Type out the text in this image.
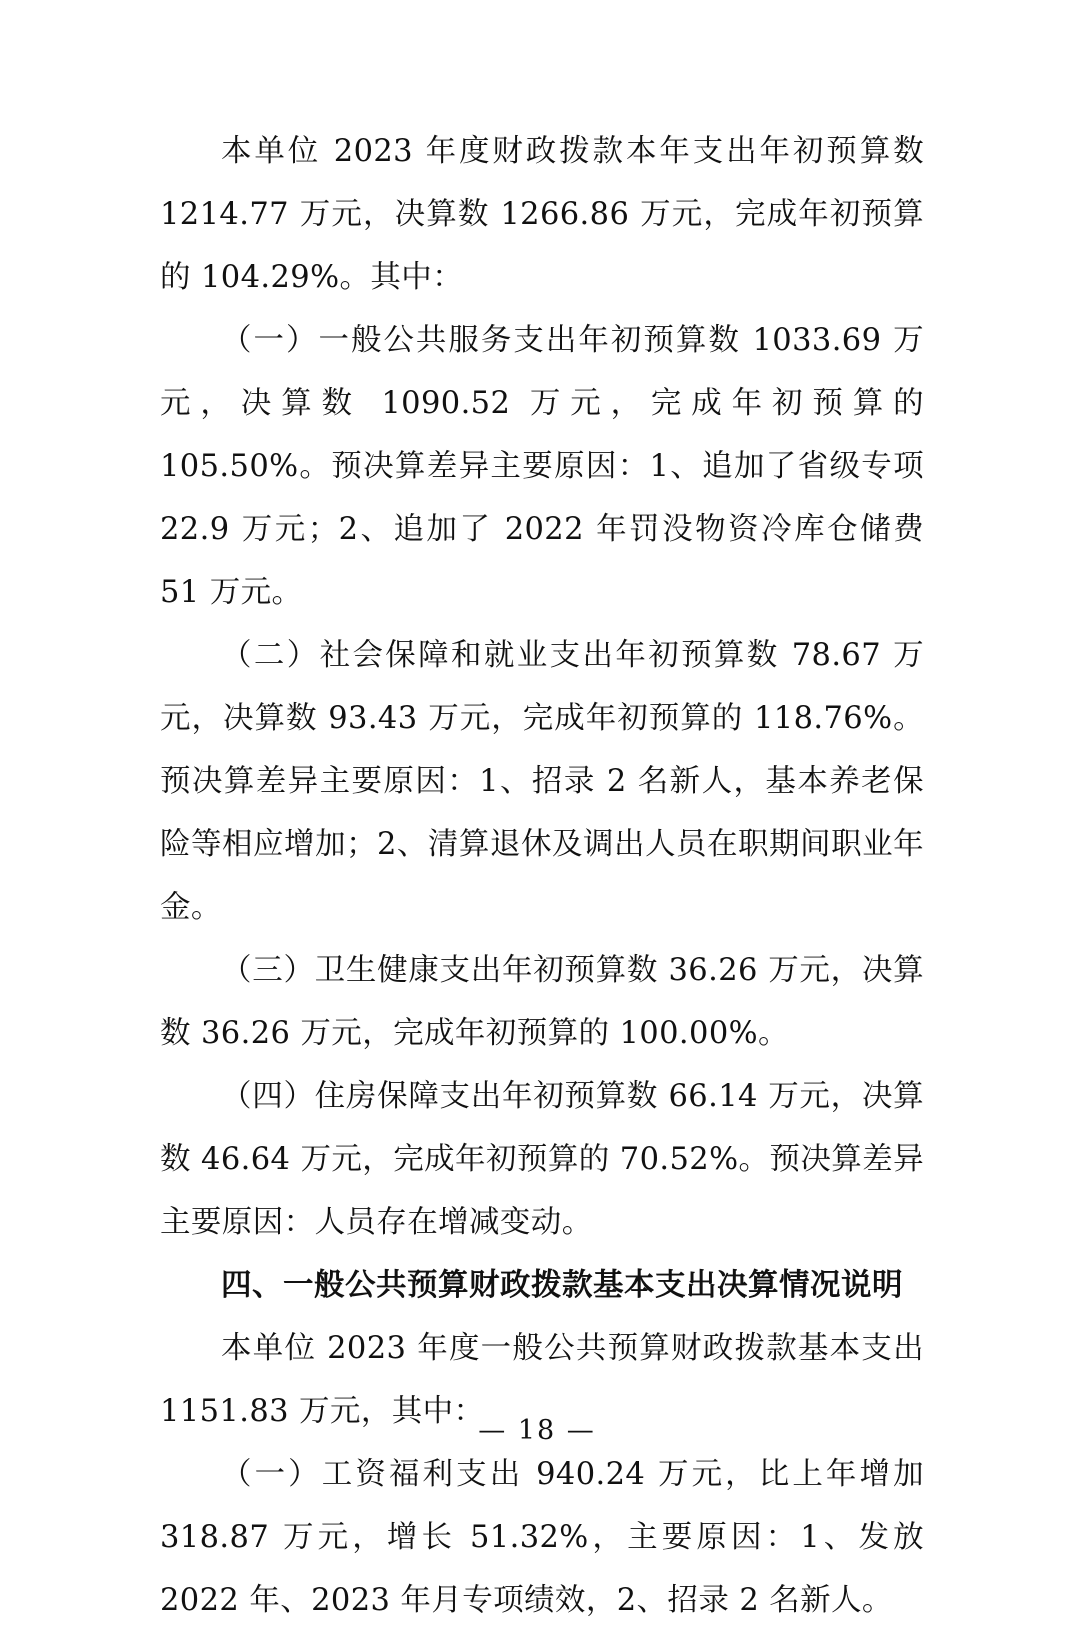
本单位 2023 年度财政拨款本年支出年初预算数 1214.77 万元，决算数 1266.86 万元，完成年初预算的 104.29%。其中：

（一）一般公共服务支出年初预算数 1033.69 万元，决算数 1090.52 万元，完成年初预算的 105.50%。预决算差异主要原因：1、追加了省级专项 22.9 万元；2、追加了 2022 年罚没物资冷库仓储费 51 万元。

（二）社会保障和就业支出年初预算数 78.67 万元，决算数 93.43 万元，完成年初预算的 118.76%。预决算差异主要原因：1、招录 2 名新人，基本养老保险等相应增加；2、清算退休及调出人员在职期间职业年金。

（三）卫生健康支出年初预算数 36.26 万元，决算数 36.26 万元，完成年初预算的 100.00%。

（四）住房保障支出年初预算数 66.14 万元，决算数 46.64 万元，完成年初预算的 70.52%。预决算差异主要原因：人员存在增减变动。

四、一般公共预算财政拨款基本支出决算情况说明

本单位 2023 年度一般公共预算财政拨款基本支出 1151.83 万元，其中：

（一）工资福利支出 940.24 万元，比上年增加 318.87 万元，增长 51.32%，主要原因：1、发放 2022 年、2023 年月专项绩效，2、招录 2 名新人。

— 18 —
